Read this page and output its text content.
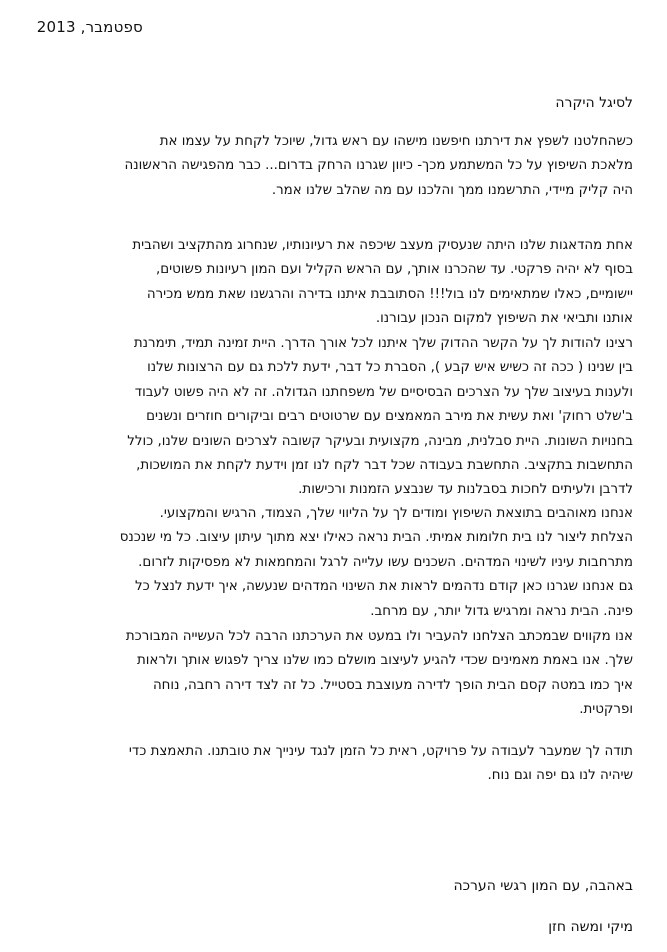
ספטמבר, 2013
לסיגל היקרה
כשהחלטנו לשפץ את דירתנו חיפשנו מישהו עם ראש גדול, שיוכל לקחת על עצמו את
מלאכת השיפוץ על כל המשתמע מכך- כיוון שגרנו הרחק בדרום... כבר מהפגישה הראשונה
היה קליק מיידי, התרשמנו ממך והלכנו עם מה שהלב שלנו אמר.
אחת מהדאגות שלנו היתה שנעסיק מעצב שיכפה את רעיונותיו, שנחרוג מהתקציב ושהבית
בסוף לא יהיה פרקטי. עד שהכרנו אותך, עם הראש הקליל ועם המון רעיונות פשוטים,
יישומיים, כאלו שמתאימים לנו בול!!! הסתובבת איתנו בדירה והרגשנו שאת ממש מכירה
אותנו ותביאי את השיפוץ למקום הנכון עבורנו.
רצינו להודות לך על הקשר ההדוק שלך איתנו לכל אורך הדרך. היית זמינה תמיד, תימרנת
בין שנינו ( ככה זה כשיש איש קבע ), הסברת כל דבר, ידעת ללכת גם עם הרצונות שלנו
ולענות בעיצוב שלך על הצרכים הבסיסיים של משפחתנו הגדולה. זה לא היה פשוט לעבוד
ב'שלט רחוק' ואת עשית את מירב המאמצים עם שרטוטים רבים וביקורים חוזרים ונשנים
בחנויות השונות. היית סבלנית, מבינה, מקצועית ובעיקר קשובה לצרכים השונים שלנו, כולל
התחשבות בתקציב. התחשבת בעבודה שכל דבר לקח לנו זמן וידעת לקחת את המושכות,
לדרבן ולעיתים לחכות בסבלנות עד שנבצע הזמנות ורכישות.
אנחנו מאוהבים בתוצאת השיפוץ ומודים לך על הליווי שלך, הצמוד, הרגיש והמקצועי.
הצלחת ליצור לנו בית חלומות אמיתי. הבית נראה כאילו יצא מתוך עיתון עיצוב. כל מי שנכנס
מתרחבות עיניו לשינוי המדהים. השכנים עשו עלייה לרגל והמחמאות לא מפסיקות לזרום.
גם אנחנו שגרנו כאן קודם נדהמים לראות את השינוי המדהים שנעשה, איך ידעת לנצל כל
פינה. הבית נראה ומרגיש גדול יותר, עם מרחב.
אנו מקווים שבמכתב הצלחנו להעביר ולו במעט את הערכתנו הרבה לכל העשייה המבורכת
שלך. אנו באמת מאמינים שכדי להגיע לעיצוב מושלם כמו שלנו צריך לפגוש אותך ולראות
איך כמו במטה קסם הבית הופך לדירה מעוצבת בסטייל. כל זה לצד דירה רחבה, נוחה
ופרקטית.
תודה לך שמעבר לעבודה על פרויקט, ראית כל הזמן לנגד עינייך את טובתנו. התאמצת כדי
שיהיה לנו גם יפה וגם נוח.
באהבה, עם המון רגשי הערכה
מיקי ומשה חזן
